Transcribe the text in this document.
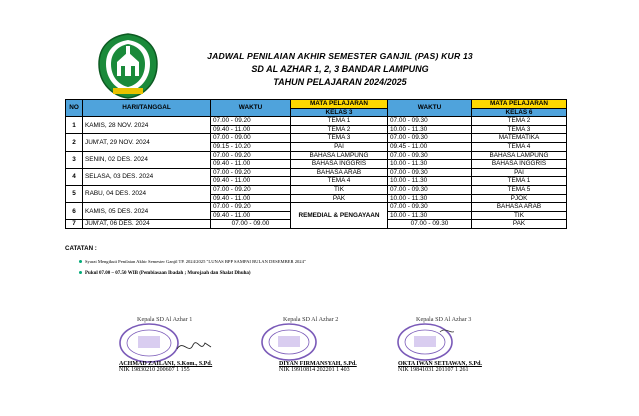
JADWAL PENILAIAN AKHIR SEMESTER GANJIL (PAS) KUR 13
SD AL AZHAR 1, 2, 3 BANDAR LAMPUNG
TAHUN PELAJARAN 2024/2025
NO	HARI/TANGGAL	WAKTU	MATA PELAJARAN	WAKTU	MATA PELAJARAN
			KELAS 3		KELAS 6
1	KAMIS, 28 NOV. 2024	07.00 - 09.20	TEMA 1	07.00 - 09.30	TEMA 2
		09.40 - 11.00	TEMA 2	10.00 - 11.30	TEMA 3
2	JUM'AT, 29 NOV. 2024	07.00 - 09.00	TEMA 3	07.00 - 09.30	MATEMATIKA
		09.15 - 10.20	PAI	09.45 - 11.00	TEMA 4
3	SENIN, 02 DES. 2024	07.00 - 09.20	BAHASA LAMPUNG	07.00 - 09.30	BAHASA LAMPUNG
		09.40 - 11.00	BAHASA INGGRIS	10.00 - 11.30	BAHASA INGGRIS
4	SELASA, 03 DES. 2024	07.00 - 09.20	BAHASA ARAB	07.00 - 09.30	PAI
		09.40 - 11.00	TEMA 4	10.00 - 11.30	TEMA 1
5	RABU, 04 DES. 2024	07.00 - 09.20	TIK	07.00 - 09.30	TEMA 5
		09.40 - 11.00	PAK	10.00 - 11.30	PJOK
6	KAMIS, 05 DES. 2024	07.00 - 09.20	REMEDIAL & PENGAYAAN	07.00 - 09.30	BAHASA ARAB
		09.40 - 11.00		10.00 - 11.30	TIK
7	JUM'AT, 06 DES. 2024	07.00 - 09.00		07.00 - 09.30	PAK

CATATAN :
Syarat Mengikuti Penilaian Akhir Semester Ganjil TP. 2024/2025 "LUNAS BPP SAMPAI BULAN DESEMBER 2024"
Pukul 07.00 – 07.50 WIB (Pembiasaan Ibadah ; Murojaah dan Shalat Dhuha)
Kepala SD Al Azhar 1
ACHMAD ZAILANI, S.Kom., S.Pd.
NIK 19830210 200607 1 155
Kepala SD Al Azhar 2
DIYAN FIRMANSYAH, S.Pd.
NIK 19910814 202201 1 403
Kepala SD Al Azhar 3
OKTA IWAN SETIAWAN, S.Pd.
NIK 19841031 201107 1 261
